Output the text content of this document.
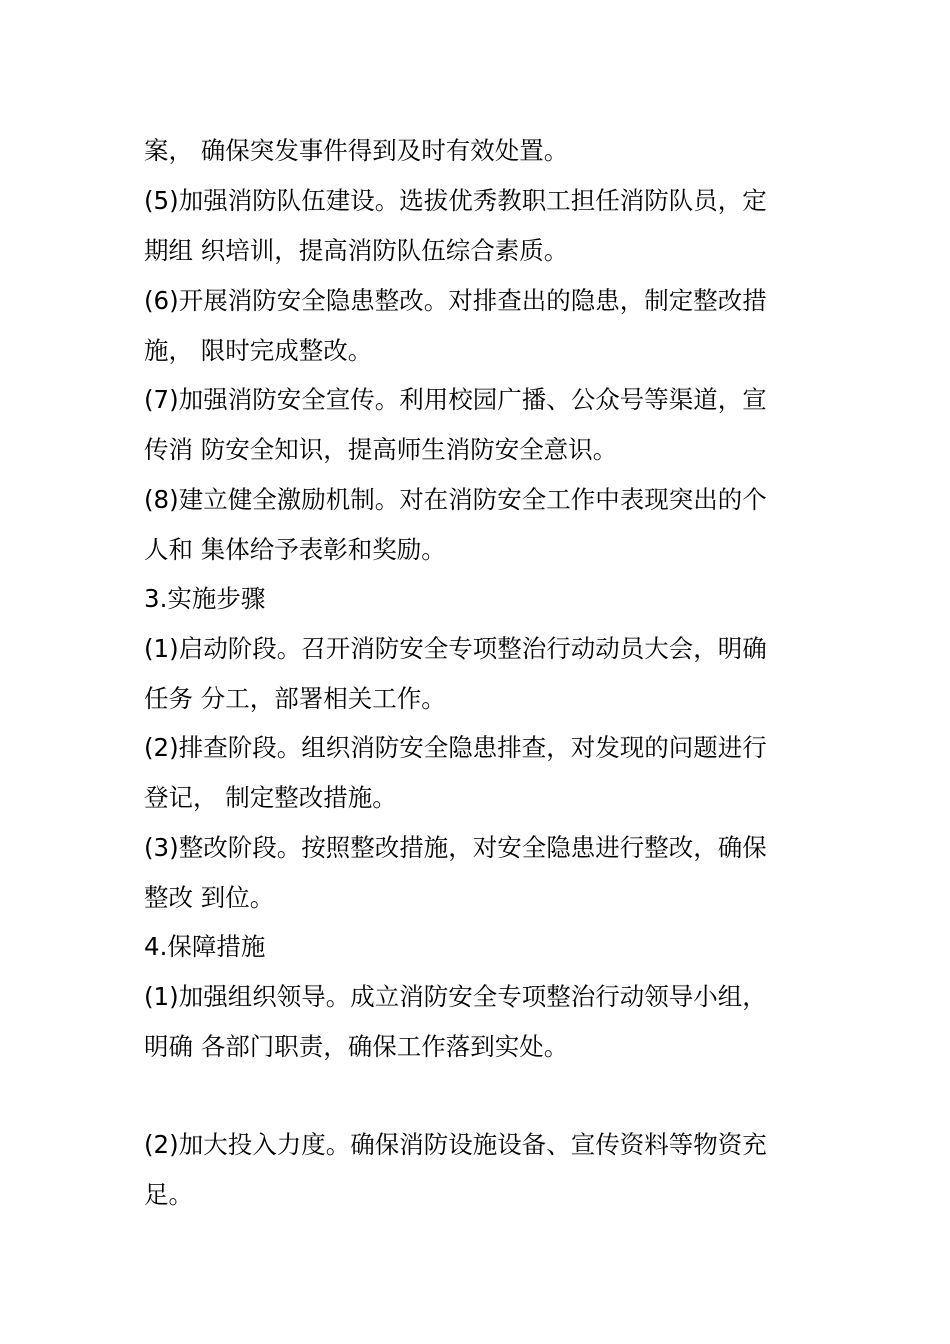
案， 确保突发事件得到及时有效处置。
(5)加强消防队伍建设。选拔优秀教职工担任消防队员，定
期组 织培训，提高消防队伍综合素质。
(6)开展消防安全隐患整改。对排查出的隐患，制定整改措
施， 限时完成整改。
(7)加强消防安全宣传。利用校园广播、公众号等渠道，宣
传消 防安全知识，提高师生消防安全意识。
(8)建立健全激励机制。对在消防安全工作中表现突出的个
人和 集体给予表彰和奖励。
3.实施步骤
(1)启动阶段。召开消防安全专项整治行动动员大会，明确
任务 分工，部署相关工作。
(2)排查阶段。组织消防安全隐患排查，对发现的问题进行
登记， 制定整改措施。
(3)整改阶段。按照整改措施，对安全隐患进行整改，确保
整改 到位。
4.保障措施
(1)加强组织领导。成立消防安全专项整治行动领导小组，
明确 各部门职责，确保工作落到实处。
(2)加大投入力度。确保消防设施设备、宣传资料等物资充
足。
